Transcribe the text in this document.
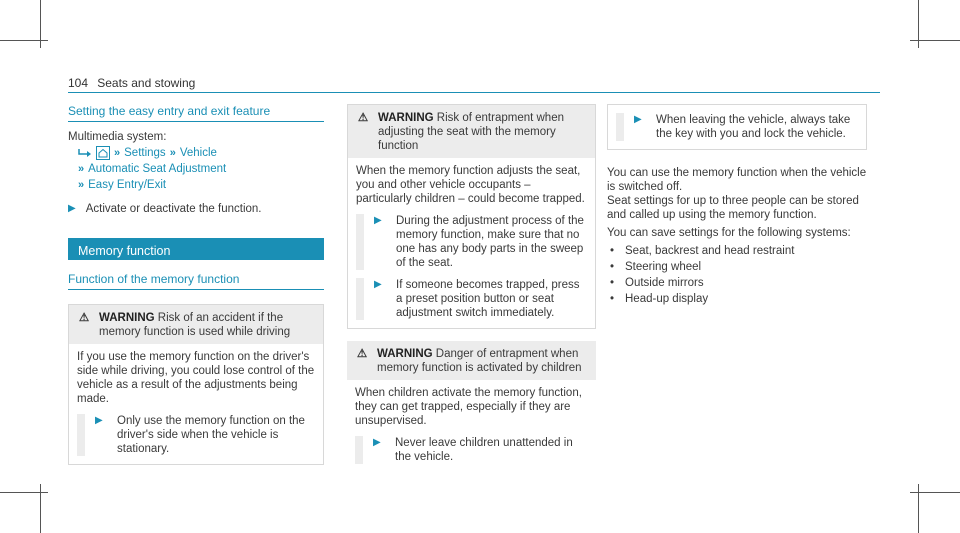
104 Seats and stowing
Setting the easy entry and exit feature
Multimedia system:
» Settings » Vehicle
» Automatic Seat Adjustment
» Easy Entry/Exit
▶ Activate or deactivate the function.
Memory function
Function of the memory function
⚠ WARNING Risk of an accident if the memory function is used while driving
If you use the memory function on the driver's side while driving, you could lose control of the vehicle as a result of the adjustments being made.
▶	Only use the memory function on the driver's side when the vehicle is stationary.
⚠ WARNING Risk of entrapment when adjusting the seat with the memory function
When the memory function adjusts the seat, you and other vehicle occupants – particularly children – could become trapped.
▶	During the adjustment process of the memory function, make sure that no one has any body parts in the sweep of the seat.
▶	If someone becomes trapped, press a preset position button or seat adjustment switch immediately.
⚠ WARNING Danger of entrapment when memory function is activated by children
When children activate the memory function, they can get trapped, especially if they are unsupervised.
▶	Never leave children unattended in the vehicle.
▶	When leaving the vehicle, always take the key with you and lock the vehicle.
You can use the memory function when the vehicle is switched off.
Seat settings for up to three people can be stored and called up using the memory function.
You can save settings for the following systems:
• Seat, backrest and head restraint
• Steering wheel
• Outside mirrors
• Head-up display
